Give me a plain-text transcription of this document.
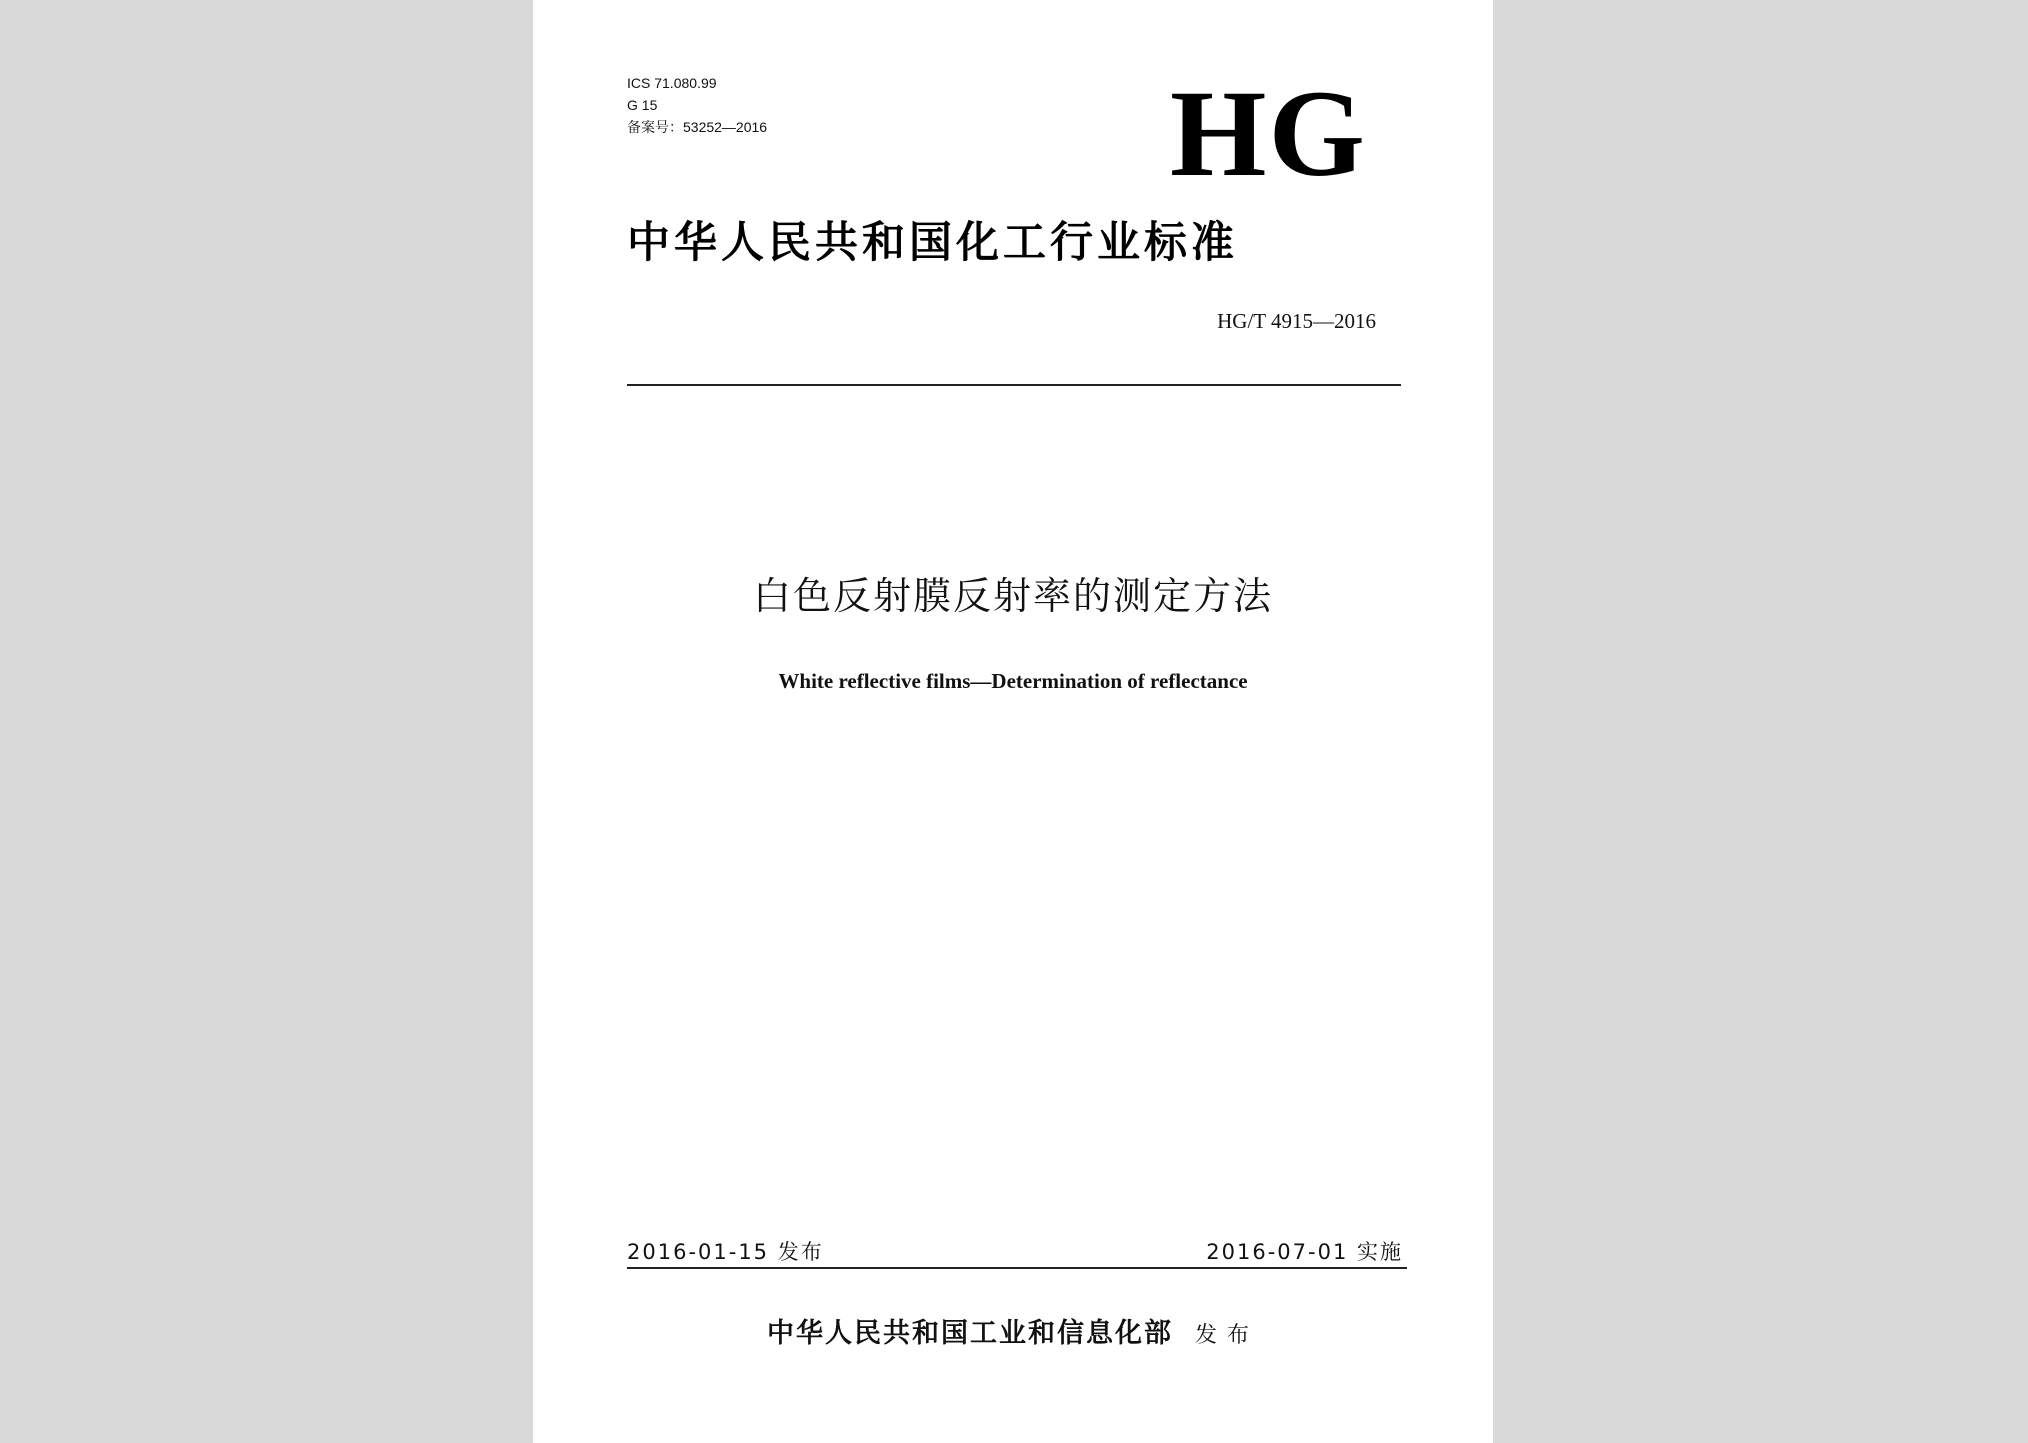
ICS 71.080.99
G 15
备案号：53252—2016	HG
中华人民共和国化工行业标准
HG/T 4915—2016
白色反射膜反射率的测定方法
White reflective films—Determination of reflectance
2016-01-15 发布	2016-07-01 实施
中华人民共和国工业和信息化部 发布
